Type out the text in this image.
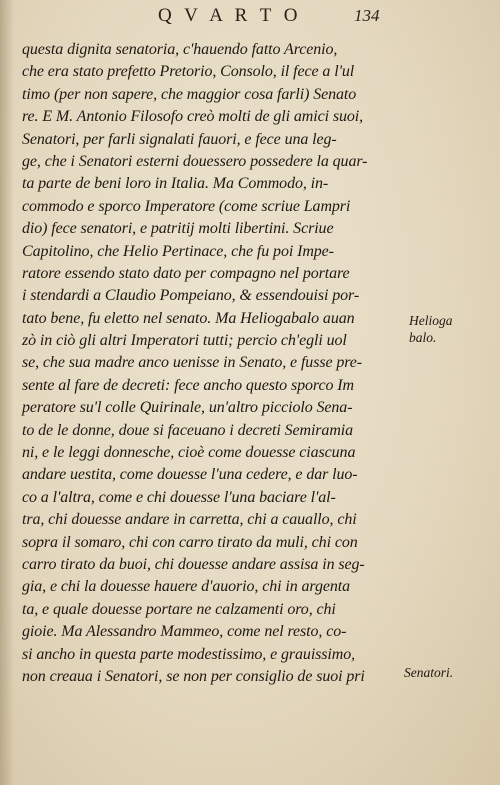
Q V A R T O	134
questa dignita senatoria, c'hauendo fatto Arcenio,
che era stato prefetto Pretorio, Consolo, il fece a l'ul
timo (per non sapere, che maggior cosa farli) Senato
re. E M. Antonio Filosofo creò molti de gli amici suoi,
Senatori, per farli signalati fauori, e fece una leg-
ge, che i Senatori esterni douessero possedere la quar-
ta parte de beni loro in Italia. Ma Commodo, in-
commodo e sporco Imperatore (come scriue Lampri
dio) fece senatori, e patritij molti libertini. Scriue
Capitolino, che Helio Pertinace, che fu poi Impe-
ratore essendo stato dato per compagno nel portare
i stendardi a Claudio Pompeiano, & essendouisi por-
tato bene, fu eletto nel senato. Ma Heliogabalo auan
zò in ciò gli altri Imperatori tutti; percio ch'egli uol
se, che sua madre anco uenisse in Senato, e fusse pre-
sente al fare de decreti: fece ancho questo sporco Im
peratore su'l colle Quirinale, un'altro picciolo Sena-
to de le donne, doue si faceuano i decreti Semiramia
ni, e le leggi donnesche, cioè come douesse ciascuna
andare uestita, come douesse l'una cedere, e dar luo-
co a l'altra, come e chi douesse l'una baciare l'al-
tra, chi douesse andare in carretta, chi a cauallo, chi
sopra il somaro, chi con carro tirato da muli, chi con
carro tirato da buoi, chi douesse andare assisa in seg-
gia, e chi la douesse hauere d'auorio, chi in argenta
ta, e quale douesse portare ne calzamenti oro, chi
gioie. Ma Alessandro Mammeo, come nel resto, co-
si ancho in questa parte modestissimo, e grauissimo,
non creaua i Senatori, se non per consiglio de suoi pri
Helioga
balo.
Senatori.
